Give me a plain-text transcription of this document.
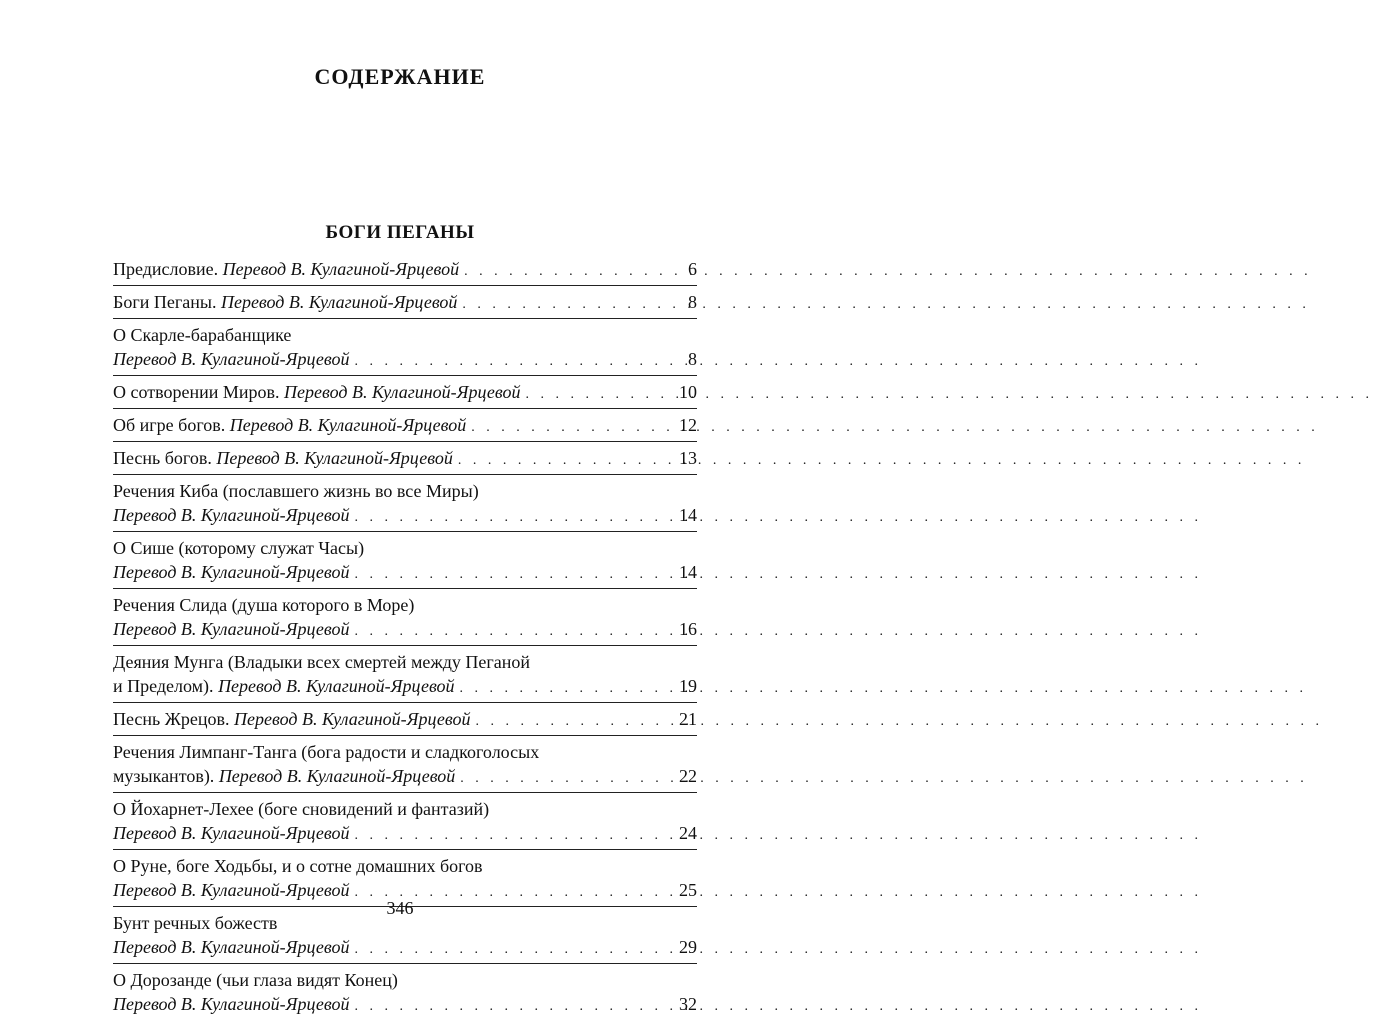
СОДЕРЖАНИЕ
БОГИ ПЕГАНЫ
Предисловие. Перевод В. Кулагиной-Ярцевой . . .	6
Боги Пеганы. Перевод В. Кулагиной-Ярцевой . . .	8
О Скарле-барабанщике
Перевод В. Кулагиной-Ярцевой . . .	8
О сотворении Миров. Перевод В. Кулагиной-Ярцевой . . .	10
Об игре богов. Перевод В. Кулагиной-Ярцевой . . .	12
Песнь богов. Перевод В. Кулагиной-Ярцевой . . .	13
Речения Киба (пославшего жизнь во все Миры)
Перевод В. Кулагиной-Ярцевой . . .	14
О Сише (которому служат Часы)
Перевод В. Кулагиной-Ярцевой . . .	14
Речения Слида (душа которого в Море)
Перевод В. Кулагиной-Ярцевой . . .	16
Деяния Мунга (Владыки всех смертей между Пеганой
и Пределом). Перевод В. Кулагиной-Ярцевой . . .	19
Песнь Жрецов. Перевод В. Кулагиной-Ярцевой . . .	21
Речения Лимпанг-Танга (бога радости и сладкоголосых
музыкантов). Перевод В. Кулагиной-Ярцевой . . .	22
О Йохарнет-Лехее (боге сновидений и фантазий)
Перевод В. Кулагиной-Ярцевой . . .	24
О Руне, боге Ходьбы, и о сотне домашних богов
Перевод В. Кулагиной-Ярцевой . . .	25
Бунт речных божеств
Перевод В. Кулагиной-Ярцевой . . .	29
О Дорозанде (чьи глаза видят Конец)
Перевод В. Кулагиной-Ярцевой . . .	32
346
